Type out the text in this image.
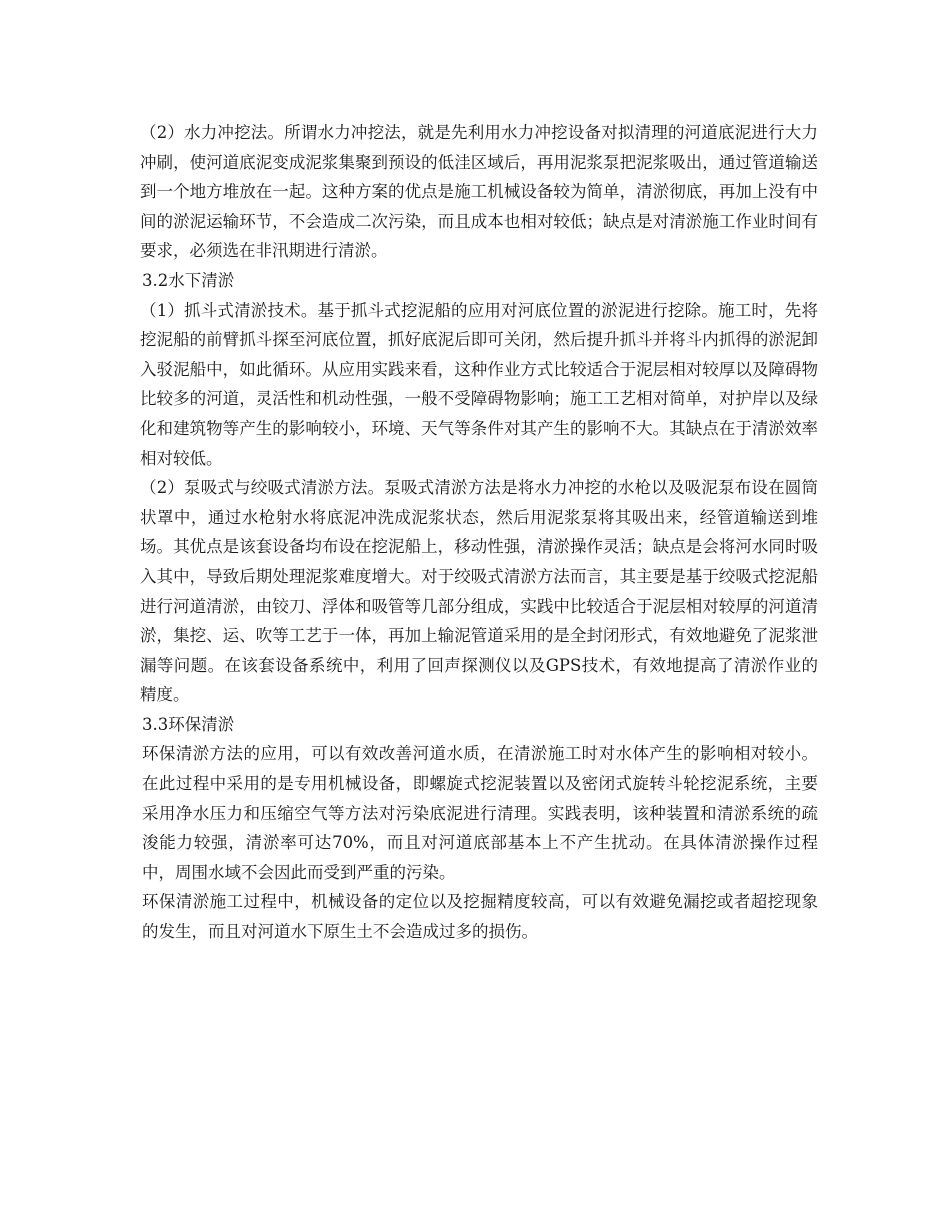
（2）水力冲挖法。所谓水力冲挖法，就是先利用水力冲挖设备对拟清理的河道底泥进行大力冲刷，使河道底泥变成泥浆集聚到预设的低洼区域后，再用泥浆泵把泥浆吸出，通过管道输送到一个地方堆放在一起。这种方案的优点是施工机械设备较为简单，清淤彻底，再加上没有中间的淤泥运输环节，不会造成二次污染，而且成本也相对较低；缺点是对清淤施工作业时间有要求，必须选在非汛期进行清淤。

3.2水下清淤

（1）抓斗式清淤技术。基于抓斗式挖泥船的应用对河底位置的淤泥进行挖除。施工时，先将挖泥船的前臂抓斗探至河底位置，抓好底泥后即可关闭，然后提升抓斗并将斗内抓得的淤泥卸入驳泥船中，如此循环。从应用实践来看，这种作业方式比较适合于泥层相对较厚以及障碍物比较多的河道，灵活性和机动性强，一般不受障碍物影响；施工工艺相对简单，对护岸以及绿化和建筑物等产生的影响较小，环境、天气等条件对其产生的影响不大。其缺点在于清淤效率相对较低。

（2）泵吸式与绞吸式清淤方法。泵吸式清淤方法是将水力冲挖的水枪以及吸泥泵布设在圆筒状罩中，通过水枪射水将底泥冲洗成泥浆状态，然后用泥浆泵将其吸出来，经管道输送到堆场。其优点是该套设备均布设在挖泥船上，移动性强，清淤操作灵活；缺点是会将河水同时吸入其中，导致后期处理泥浆难度增大。对于绞吸式清淤方法而言，其主要是基于绞吸式挖泥船进行河道清淤，由铰刀、浮体和吸管等几部分组成，实践中比较适合于泥层相对较厚的河道清淤，集挖、运、吹等工艺于一体，再加上输泥管道采用的是全封闭形式，有效地避免了泥浆泄漏等问题。在该套设备系统中，利用了回声探测仪以及GPS技术，有效地提高了清淤作业的精度。

3.3环保清淤

环保清淤方法的应用，可以有效改善河道水质，在清淤施工时对水体产生的影响相对较小。在此过程中采用的是专用机械设备，即螺旋式挖泥装置以及密闭式旋转斗轮挖泥系统，主要采用净水压力和压缩空气等方法对污染底泥进行清理。实践表明，该种装置和清淤系统的疏浚能力较强，清淤率可达70%，而且对河道底部基本上不产生扰动。在具体清淤操作过程中，周围水域不会因此而受到严重的污染。

环保清淤施工过程中，机械设备的定位以及挖掘精度较高，可以有效避免漏挖或者超挖现象的发生，而且对河道水下原生土不会造成过多的损伤。
